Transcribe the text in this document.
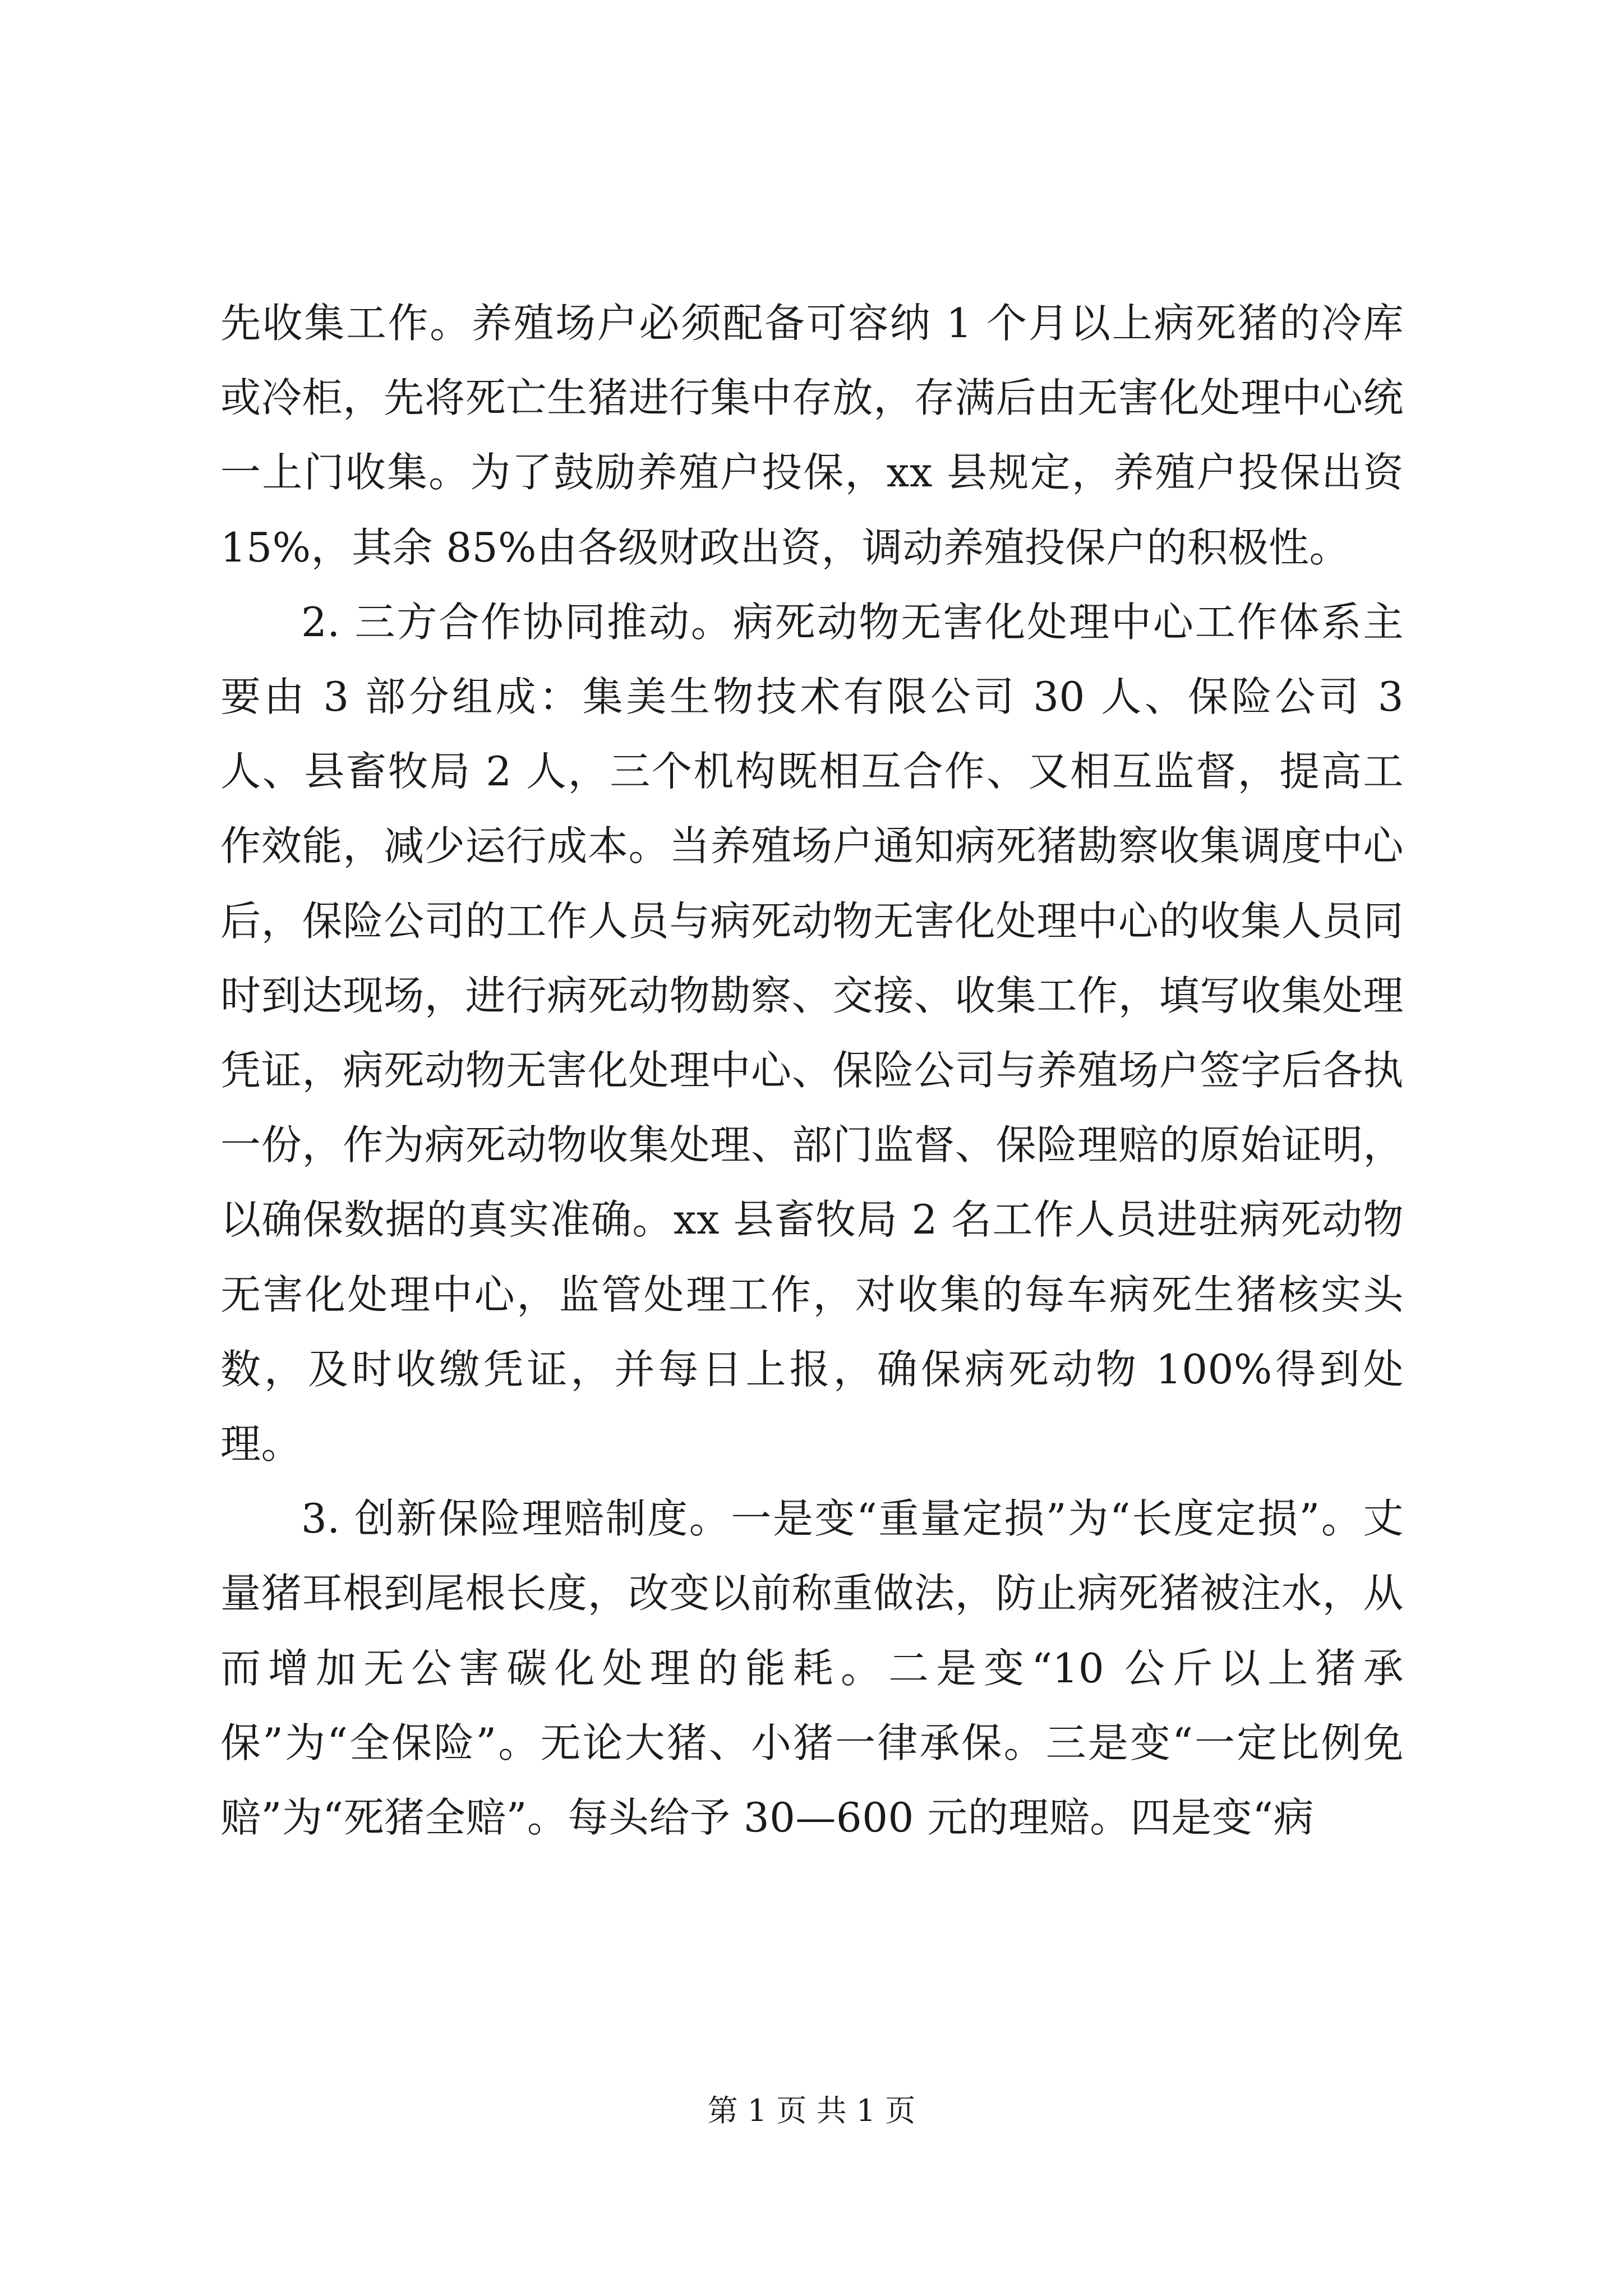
先收集工作。养殖场户必须配备可容纳 1 个月以上病死猪的冷库或冷柜，先将死亡生猪进行集中存放，存满后由无害化处理中心统一上门收集。为了鼓励养殖户投保，xx 县规定，养殖户投保出资 15%，其余 85%由各级财政出资，调动养殖投保户的积极性。

2. 三方合作协同推动。病死动物无害化处理中心工作体系主要由 3 部分组成：集美生物技术有限公司 30 人、保险公司 3 人、县畜牧局 2 人，三个机构既相互合作、又相互监督，提高工作效能，减少运行成本。当养殖场户通知病死猪勘察收集调度中心后，保险公司的工作人员与病死动物无害化处理中心的收集人员同时到达现场，进行病死动物勘察、交接、收集工作，填写收集处理凭证，病死动物无害化处理中心、保险公司与养殖场户签字后各执一份，作为病死动物收集处理、部门监督、保险理赔的原始证明，以确保数据的真实准确。xx 县畜牧局 2 名工作人员进驻病死动物无害化处理中心，监管处理工作，对收集的每车病死生猪核实头数，及时收缴凭证，并每日上报，确保病死动物 100%得到处理。

3. 创新保险理赔制度。一是变“重量定损”为“长度定损”。丈量猪耳根到尾根长度，改变以前称重做法，防止病死猪被注水，从而增加无公害碳化处理的能耗。二是变“10 公斤以上猪承保”为“全保险”。无论大猪、小猪一律承保。三是变“一定比例免赔”为“死猪全赔”。每头给予 30—600 元的理赔。四是变“病

第 1 页 共 1 页
